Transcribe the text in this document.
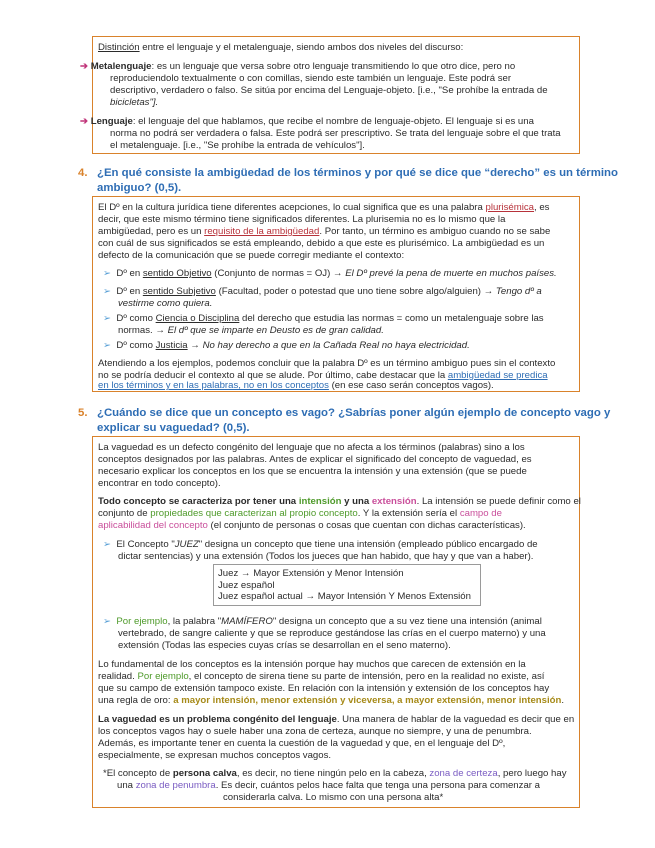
Distinción entre el lenguaje y el metalenguaje, siendo ambos dos niveles del discurso:
➔ Metalenguaje: es un lenguaje que versa sobre otro lenguaje transmitiendo lo que otro dice, pero no
reproduciendolo textualmente o con comillas, siendo este también un lenguaje. Este podrá ser
descriptivo, verdadero o falso. Se sitúa por encima del Lenguaje-objeto. [i.e., "Se prohíbe la entrada de
bicicletas"].
➔ Lenguaje: el lenguaje del que hablamos, que recibe el nombre de lenguaje-objeto. El lenguaje si es una
norma no podrá ser verdadera o falsa. Este podrá ser prescriptivo. Se trata del lenguaje sobre el que trata
el metalenguaje. [i.e., "Se prohíbe la entrada de vehículos"].
4. ¿En qué consiste la ambigüedad de los términos y por qué se dice que “derecho” es un término
ambiguo? (0,5).
El Dº en la cultura jurídica tiene diferentes acepciones, lo cual significa que es una palabra plurisémica, es
decir, que este mismo término tiene significados diferentes. La plurisemia no es lo mismo que la
ambigüedad, pero es un requisito de la ambigüedad. Por tanto, un término es ambiguo cuando no se sabe
con cuál de sus significados se está empleando, debido a que este es plurisémico. La ambigüedad es un
defecto de la comunicación que se puede corregir mediante el contexto:
➢ Dº en sentido Objetivo (Conjunto de normas = OJ) → El Dº prevé la pena de muerte en muchos países.
➢ Dº en sentido Subjetivo (Facultad, poder o potestad que uno tiene sobre algo/alguien) → Tengo dº a
vestirme como quiera.
➢ Dº como Ciencia o Disciplina del derecho que estudia las normas = como un metalenguaje sobre las
normas. → El dº que se imparte en Deusto es de gran calidad.
➢ Dº como Justicia → No hay derecho a que en la Cañada Real no haya electricidad.
Atendiendo a los ejemplos, podemos concluir que la palabra Dº es un término ambiguo pues sin el contexto
no se podría deducir el contexto al que se alude. Por último, cabe destacar que la ambigüedad se predica
en los términos y en las palabras, no en los conceptos (en ese caso serán conceptos vagos).
5. ¿Cuándo se dice que un concepto es vago? ¿Sabrías poner algún ejemplo de concepto vago y
explicar su vaguedad? (0,5).
La vaguedad es un defecto congénito del lenguaje que no afecta a los términos (palabras) sino a los
conceptos designados por las palabras. Antes de explicar el significado del concepto de vaguedad, es
necesario explicar los conceptos en los que se encuentra la intensión y una extensión (que se puede
encontrar en todo concepto).
Todo concepto se caracteriza por tener una intensión y una extensión. La intensión se puede definir como el
conjunto de propiedades que caracterizan al propio concepto. Y la extensión sería el campo de
aplicabilidad del concepto (el conjunto de personas o cosas que cuentan con dichas características).
➢ El Concepto "JUEZ" designa un concepto que tiene una intensión (empleado público encargado de
dictar sentencias) y una extensión (Todos los jueces que han habido, que hay y que van a haber).
Juez → Mayor Extensión y Menor Intensión
Juez español
Juez español actual → Mayor Intensión Y Menos Extensión
➢ Por ejemplo, la palabra "MAMÍFERO" designa un concepto que a su vez tiene una intensión (animal
vertebrado, de sangre caliente y que se reproduce gestándose las crías en el cuerpo materno) y una
extensión (Todas las especies cuyas crías se desarrollan en el seno materno).
Lo fundamental de los conceptos es la intensión porque hay muchos que carecen de extensión en la
realidad. Por ejemplo, el concepto de sirena tiene su parte de intensión, pero en la realidad no existe, así
que su campo de extensión tampoco existe. En relación con la intensión y extensión de los conceptos hay
una regla de oro: a mayor intensión, menor extensión y viceversa, a mayor extensión, menor intensión.
La vaguedad es un problema congénito del lenguaje. Una manera de hablar de la vaguedad es decir que en
los conceptos vagos hay o suele haber una zona de certeza, aunque no siempre, y una de penumbra.
Además, es importante tener en cuenta la cuestión de la vaguedad y que, en el lenguaje del Dº,
especialmente, se expresan muchos conceptos vagos.
*El concepto de persona calva, es decir, no tiene ningún pelo en la cabeza, zona de certeza, pero luego hay
una zona de penumbra. Es decir, cuántos pelos hace falta que tenga una persona para comenzar a
considerarla calva. Lo mismo con una persona alta*
